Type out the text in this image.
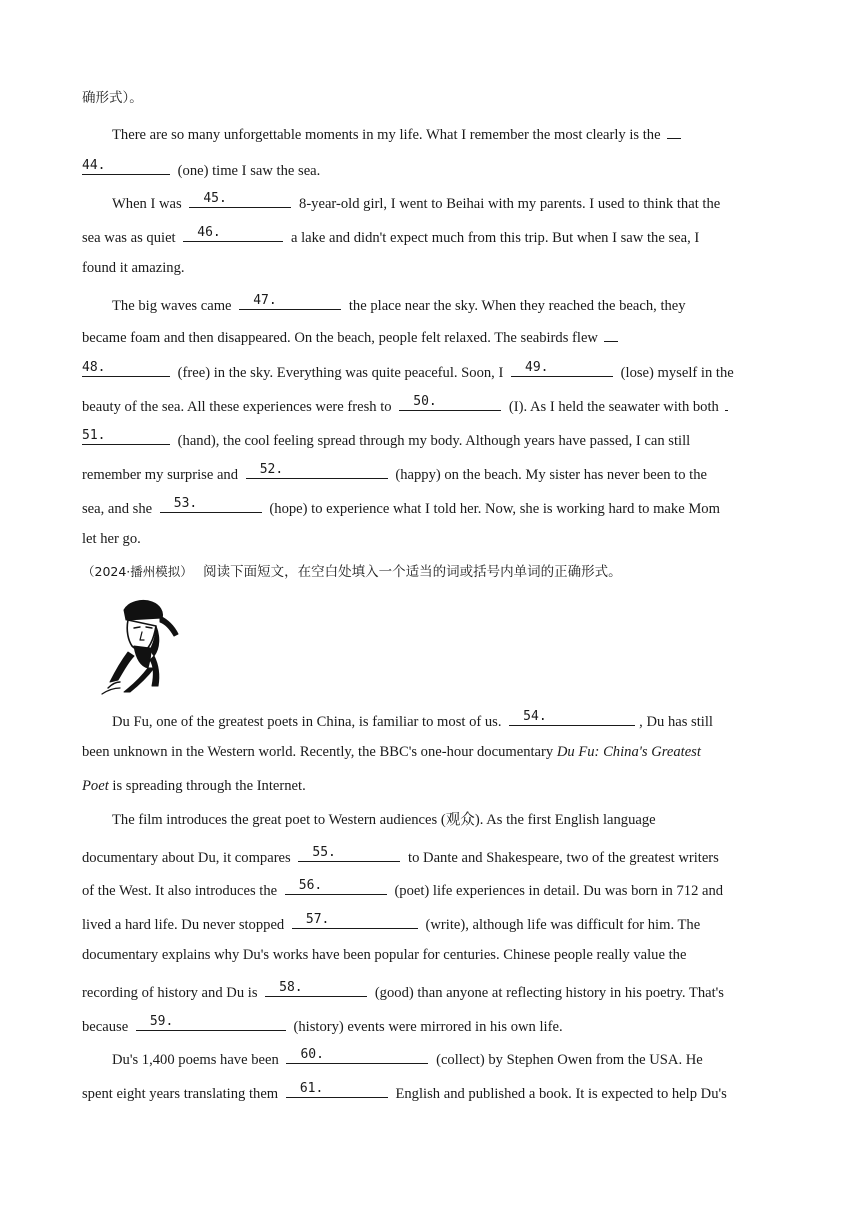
确形式）。
There are so many unforgettable moments in my life. What I remember the most clearly is the
44.	(one) time I saw the sea.
When I was 45.	8-year-old girl, I went to Beihai with my parents. I used to think that the
sea was as quiet 46.	a lake and didn't expect much from this trip. But when I saw the sea, I
found it amazing.
The big waves came 47.	the place near the sky. When they reached the beach, they
became foam and then disappeared. On the beach, people felt relaxed. The seabirds flew
48.	(free) in the sky. Everything was quite peaceful. Soon, I 49.	(lose) myself in the
beauty of the sea. All these experiences were fresh to 50.	(I). As I held the seawater with both
51.	(hand), the cool feeling spread through my body. Although years have passed, I can still
remember my surprise and 52.	(happy) on the beach. My sister has never been to the
sea, and she 53.	(hope) to experience what I told her. Now, she is working hard to make Mom
let her go.
（2024·播州模拟） 阅读下面短文，在空白处填入一个适当的词或括号内单词的正确形式。
Du Fu, one of the greatest poets in China, is familiar to most of us. 54.	, Du has still
been unknown in the Western world. Recently, the BBC's one-hour documentary Du Fu: China's Greatest
Poet is spreading through the Internet.
The film introduces the great poet to Western audiences (观众). As the first English language
documentary about Du, it compares 55.	to Dante and Shakespeare, two of the greatest writers
of the West. It also introduces the 56.	(poet) life experiences in detail. Du was born in 712 and
lived a hard life. Du never stopped 57.	(write), although life was difficult for him. The
documentary explains why Du's works have been popular for centuries. Chinese people really value the
recording of history and Du is 58.	(good) than anyone at reflecting history in his poetry. That's
because 59.	(history) events were mirrored in his own life.
Du's 1,400 poems have been 60.	(collect) by Stephen Owen from the USA. He
spent eight years translating them 61.	English and published a book. It is expected to help Du's
